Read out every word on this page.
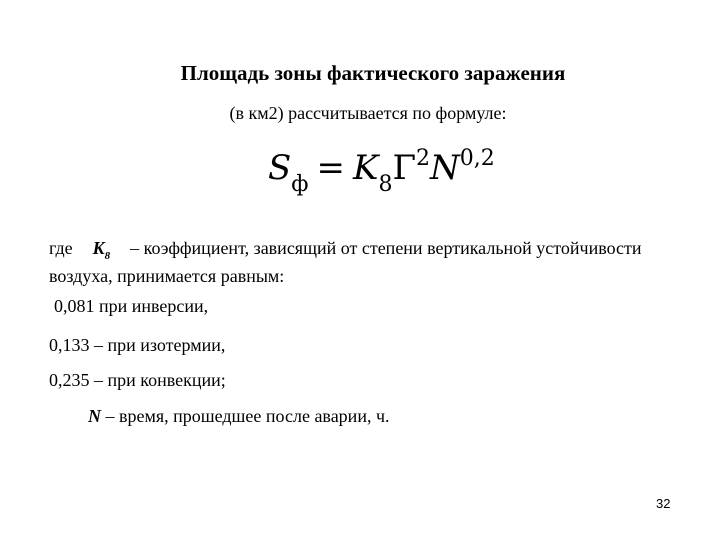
Площадь зоны фактического заражения
(в км2) рассчитывается по формуле:
$S_ф = K_8\Gamma^2N^{0,2}$
где $K_8$ – коэффициент, зависящий от степени вертикальной устойчивости воздуха, принимается равным:
0,081 при инверсии,
0,133 – при изотермии,
0,235 – при конвекции;
N – время, прошедшее после аварии, ч.
32
